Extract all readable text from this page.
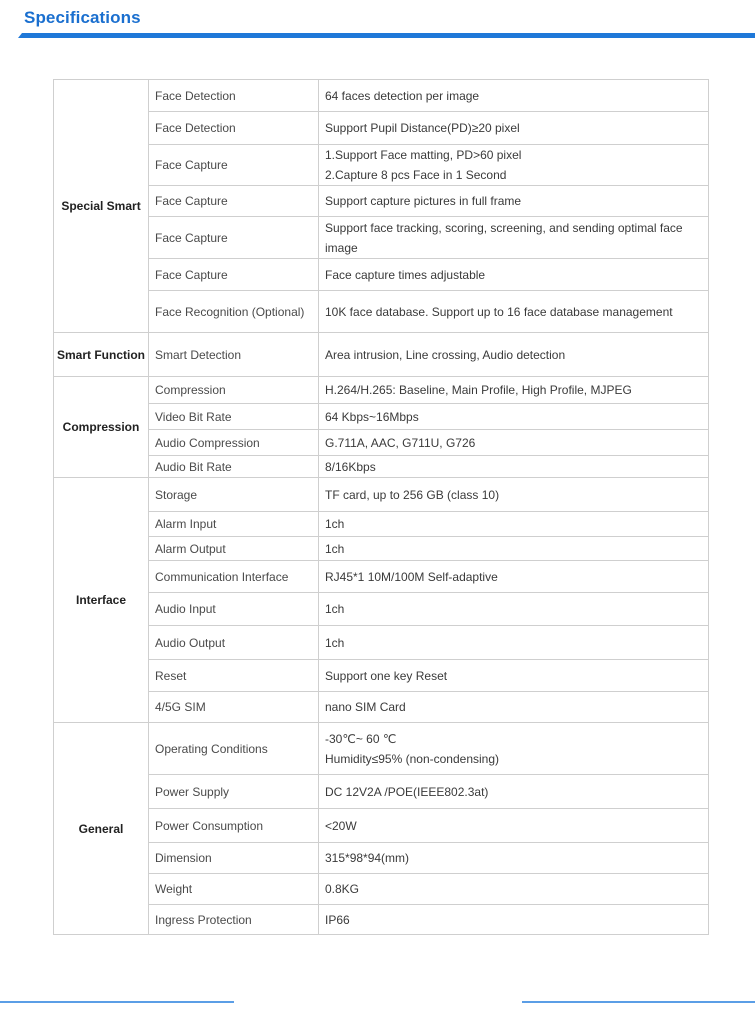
Specifications
Special Smart	Face Detection	64 faces detection per image

	Face Detection	Support Pupil Distance(PD)≥20 pixel

	Face Capture	1.Support Face matting, PD>60 pixel
2.Capture 8 pcs Face in 1 Second

	Face Capture	Support capture pictures in full frame

	Face Capture	Support face tracking, scoring, screening, and sending optimal face image

	Face Capture	Face capture times adjustable

	Face Recognition (Optional)	10K face database. Support up to 16 face database management

Smart Function	Smart Detection	Area intrusion, Line crossing, Audio detection

Compression	Compression	H.264/H.265: Baseline, Main Profile, High Profile, MJPEG

	Video Bit Rate	64 Kbps~16Mbps

	Audio Compression	G.711A, AAC, G711U, G726

	Audio Bit Rate	8/16Kbps

Interface	Storage	TF card, up to 256 GB (class 10)

	Alarm Input	1ch

	Alarm Output	1ch

	Communication Interface	RJ45*1 10M/100M Self-adaptive

	Audio Input	1ch

	Audio Output	1ch

	Reset	Support one key Reset

	4/5G SIM	nano SIM Card

General	Operating Conditions	-30℃~ 60 ℃
Humidity≤95% (non-condensing)

	Power Supply	DC 12V2A /POE(IEEE802.3at)

	Power Consumption	<20W

	Dimension	315*98*94(mm)

	Weight	0.8KG

	Ingress Protection	IP66
